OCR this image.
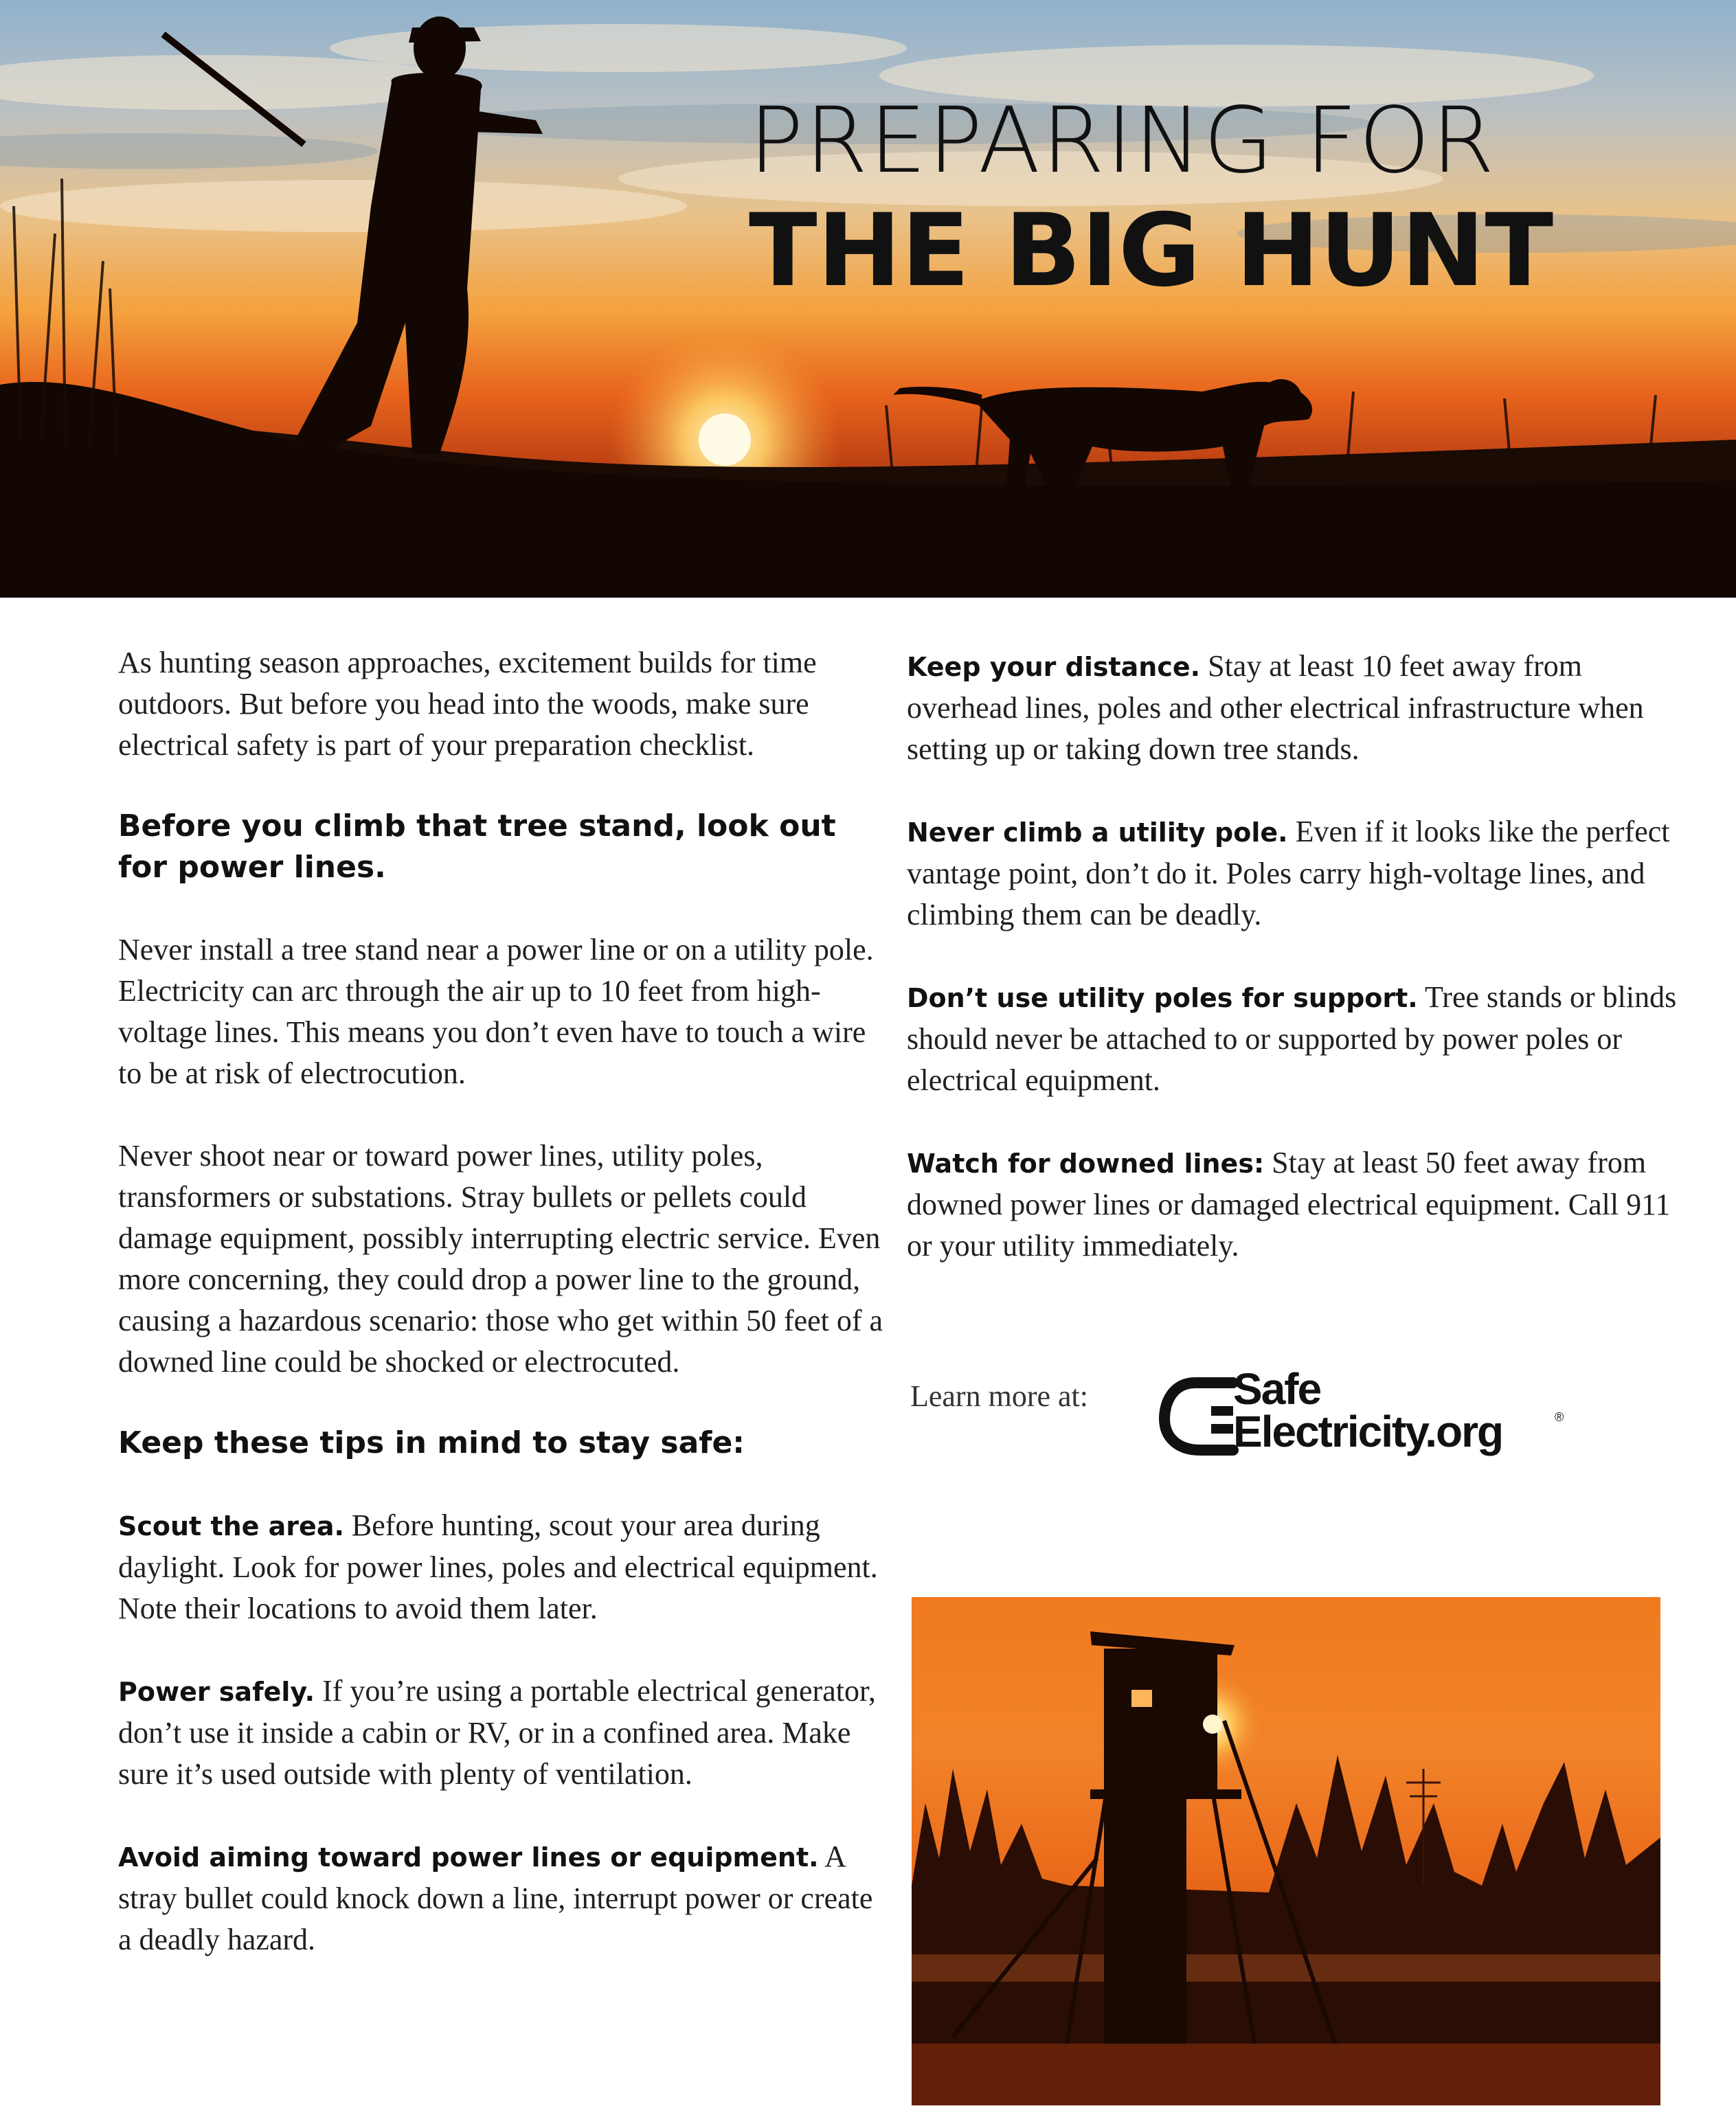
PREPARING FOR
THE BIG HUNT

As hunting season approaches, excitement builds for time outdoors. But before you head into the woods, make sure electrical safety is part of your preparation checklist.

Before you climb that tree stand, look out for power lines.

Never install a tree stand near a power line or on a utility pole. Electricity can arc through the air up to 10 feet from high-voltage lines. This means you don’t even have to touch a wire to be at risk of electrocution.

Never shoot near or toward power lines, utility poles, transformers or substations. Stray bullets or pellets could damage equipment, possibly interrupting electric service. Even more concerning, they could drop a power line to the ground, causing a hazardous scenario: those who get within 50 feet of a downed line could be shocked or electrocuted.

Keep these tips in mind to stay safe:

Scout the area. Before hunting, scout your area during daylight. Look for power lines, poles and electrical equipment. Note their locations to avoid them later.

Power safely. If you’re using a portable electrical generator, don’t use it inside a cabin or RV, or in a confined area. Make sure it’s used outside with plenty of ventilation.

Avoid aiming toward power lines or equipment. A stray bullet could knock down a line, interrupt power or create a deadly hazard.

Keep your distance. Stay at least 10 feet away from overhead lines, poles and other electrical infrastructure when setting up or taking down tree stands.

Never climb a utility pole. Even if it looks like the perfect vantage point, don’t do it. Poles carry high-voltage lines, and climbing them can be deadly.

Don’t use utility poles for support. Tree stands or blinds should never be attached to or supported by power poles or electrical equipment.

Watch for downed lines: Stay at least 50 feet away from downed power lines or damaged electrical equipment. Call 911 or your utility immediately.

Learn more at:	Safe
Electricity.org	®
